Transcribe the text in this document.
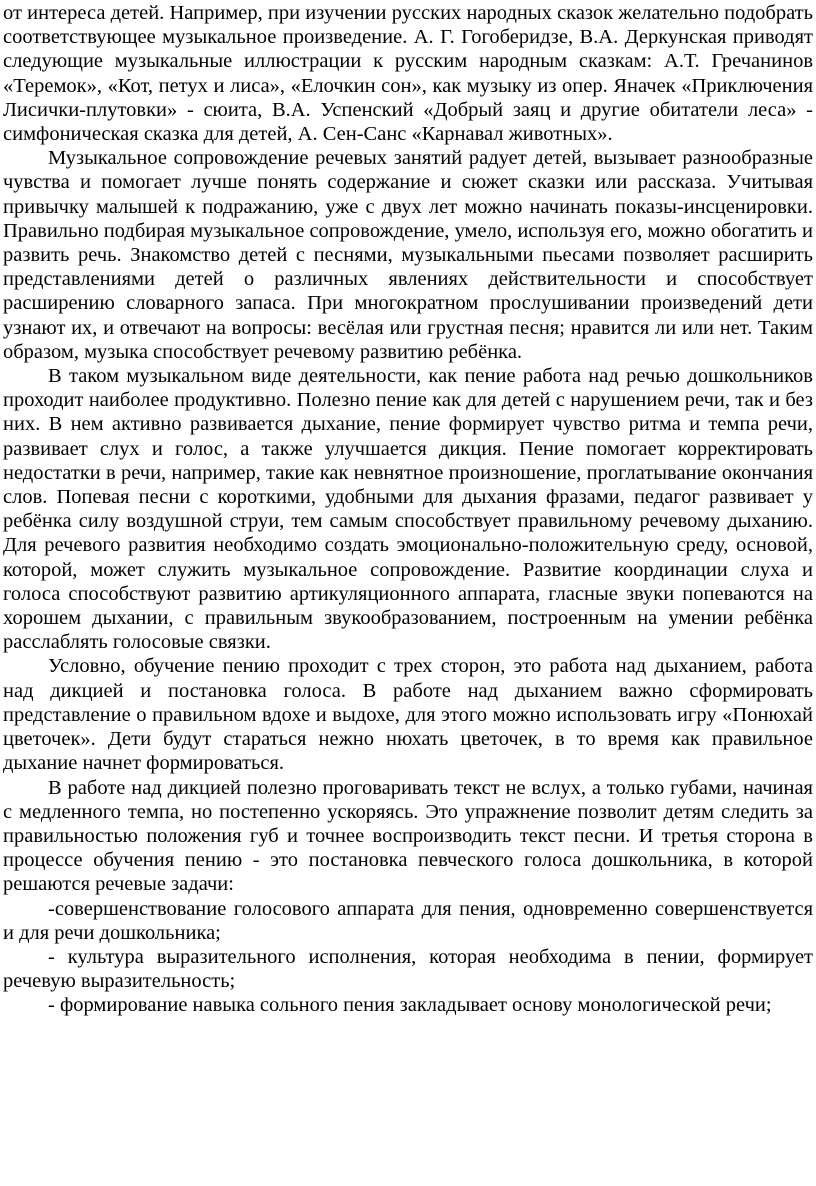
от интереса детей. Например, при изучении русских народных сказок желательно подобрать соответствующее музыкальное произведение. А. Г. Гогоберидзе, В.А. Деркунская приводят следующие музыкальные иллюстрации к русским народным сказкам: А.Т. Гречанинов «Теремок», «Кот, петух и лиса», «Елочкин сон», как музыку из опер. Яначек «Приключения Лисички-плутовки» - сюита, В.А. Успенский «Добрый заяц и другие обитатели леса» - симфоническая сказка для детей, А. Сен-Санс «Карнавал животных».

Музыкальное сопровождение речевых занятий радует детей, вызывает разнообразные чувства и помогает лучше понять содержание и сюжет сказки или рассказа. Учитывая привычку малышей к подражанию, уже с двух лет можно начинать показы-инсценировки. Правильно подбирая музыкальное сопровождение, умело, используя его, можно обогатить и развить речь. Знакомство детей с песнями, музыкальными пьесами позволяет расширить представлениями детей о различных явлениях действительности и способствует расширению словарного запаса. При многократном прослушивании произведений дети узнают их, и отвечают на вопросы: весёлая или грустная песня; нравится ли или нет. Таким образом, музыка способствует речевому развитию ребёнка.

В таком музыкальном виде деятельности, как пение работа над речью дошкольников проходит наиболее продуктивно. Полезно пение как для детей с нарушением речи, так и без них. В нем активно развивается дыхание, пение формирует чувство ритма и темпа речи, развивает слух и голос, а также улучшается дикция. Пение помогает корректировать недостатки в речи, например, такие как невнятное произношение, проглатывание окончания слов. Попевая песни с короткими, удобными для дыхания фразами, педагог развивает у ребёнка силу воздушной струи, тем самым способствует правильному речевому дыханию. Для речевого развития необходимо создать эмоционально-положительную среду, основой, которой, может служить музыкальное сопровождение. Развитие координации слуха и голоса способствуют развитию артикуляционного аппарата, гласные звуки попеваются на хорошем дыхании, с правильным звукообразованием, построенным на умении ребёнка расслаблять голосовые связки.

Условно, обучение пению проходит с трех сторон, это работа над дыханием, работа над дикцией и постановка голоса. В работе над дыханием важно сформировать представление о правильном вдохе и выдохе, для этого можно использовать игру «Понюхай цветочек». Дети будут стараться нежно нюхать цветочек, в то время как правильное дыхание начнет формироваться.

В работе над дикцией полезно проговаривать текст не вслух, а только губами, начиная с медленного темпа, но постепенно ускоряясь. Это упражнение позволит детям следить за правильностью положения губ и точнее воспроизводить текст песни. И третья сторона в процессе обучения пению - это постановка певческого голоса дошкольника, в которой решаются речевые задачи:

-совершенствование голосового аппарата для пения, одновременно совершенствуется и для речи дошкольника;

- культура выразительного исполнения, которая необходима в пении, формирует речевую выразительность;

- формирование навыка сольного пения закладывает основу монологической речи;
